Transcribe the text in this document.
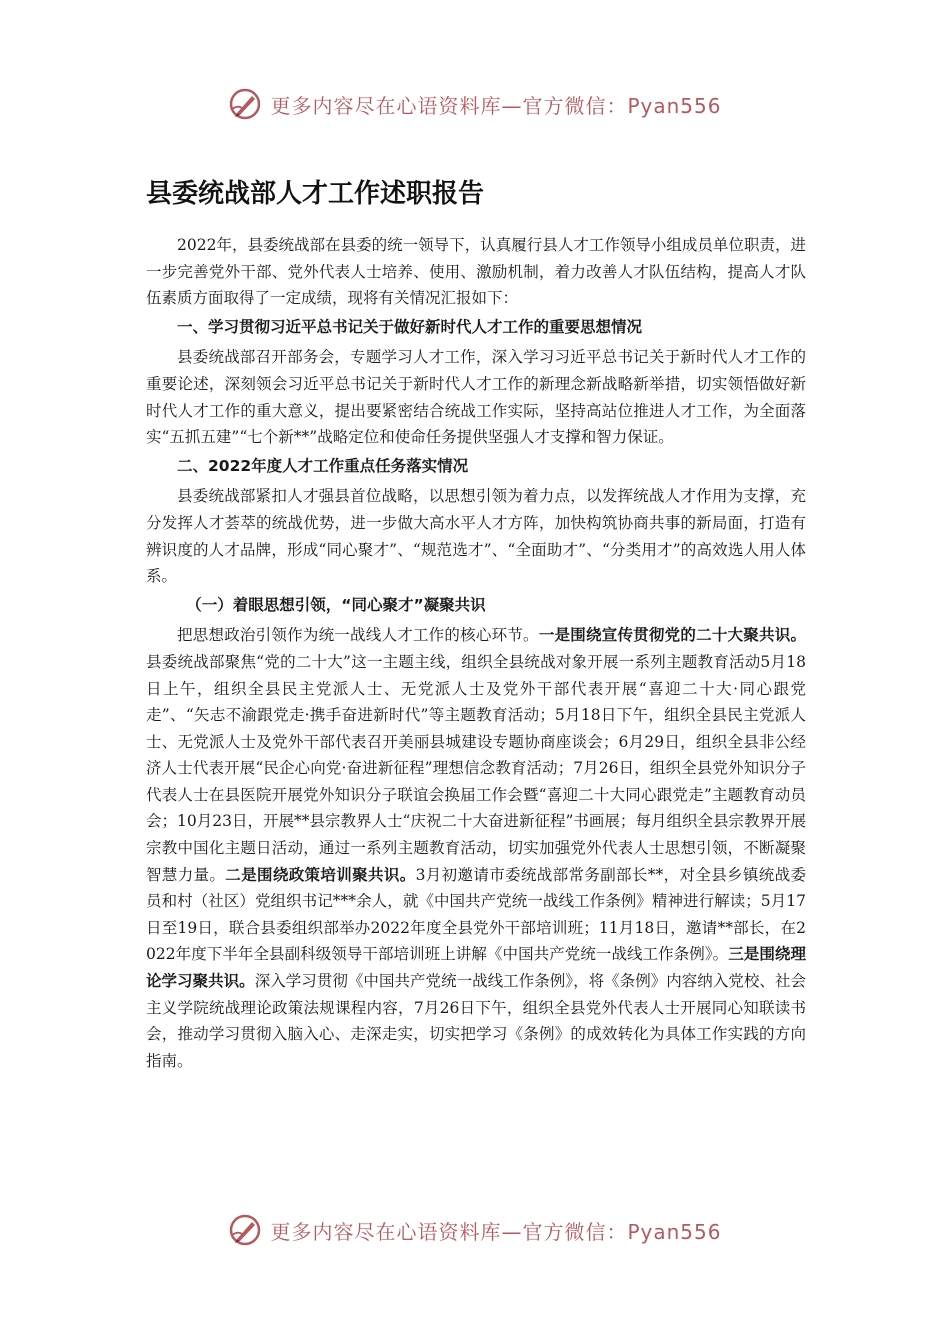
更多内容尽在心语资料库—官方微信：Pyan556
县委统战部人才工作述职报告

2022年，县委统战部在县委的统一领导下，认真履行县人才工作领导小组成员单位职责，进一步完善党外干部、党外代表人士培养、使用、激励机制，着力改善人才队伍结构，提高人才队伍素质方面取得了一定成绩，现将有关情况汇报如下：

一、学习贯彻习近平总书记关于做好新时代人才工作的重要思想情况

县委统战部召开部务会，专题学习人才工作，深入学习习近平总书记关于新时代人才工作的重要论述，深刻领会习近平总书记关于新时代人才工作的新理念新战略新举措，切实领悟做好新时代人才工作的重大意义，提出要紧密结合统战工作实际，坚持高站位推进人才工作，为全面落实“五抓五建”“七个新**”战略定位和使命任务提供坚强人才支撑和智力保证。

二、2022年度人才工作重点任务落实情况

县委统战部紧扣人才强县首位战略，以思想引领为着力点，以发挥统战人才作用为支撑，充分发挥人才荟萃的统战优势，进一步做大高水平人才方阵，加快构筑协商共事的新局面，打造有辨识度的人才品牌，形成“同心聚才”、“规范选才”、“全面助才”、“分类用才”的高效选人用人体系。

（一）着眼思想引领，“同心聚才”凝聚共识

把思想政治引领作为统一战线人才工作的核心环节。一是围绕宣传贯彻党的二十大聚共识。县委统战部聚焦“党的二十大”这一主题主线，组织全县统战对象开展一系列主题教育活动5月18日上午，组织全县民主党派人士、无党派人士及党外干部代表开展“喜迎二十大·同心跟党走”、“矢志不渝跟党走·携手奋进新时代”等主题教育活动；5月18日下午，组织全县民主党派人士、无党派人士及党外干部代表召开美丽县城建设专题协商座谈会；6月29日，组织全县非公经济人士代表开展“民企心向党·奋进新征程”理想信念教育活动；7月26日，组织全县党外知识分子代表人士在县医院开展党外知识分子联谊会换届工作会暨“喜迎二十大同心跟党走”主题教育动员会；10月23日，开展**县宗教界人士“庆祝二十大奋进新征程”书画展；每月组织全县宗教界开展宗教中国化主题日活动，通过一系列主题教育活动，切实加强党外代表人士思想引领，不断凝聚智慧力量。二是围绕政策培训聚共识。3月初邀请市委统战部常务副部长**，对全县乡镇统战委员和村（社区）党组织书记***余人，就《中国共产党统一战线工作条例》精神进行解读；5月17日至19日，联合县委组织部举办2022年度全县党外干部培训班；11月18日，邀请**部长，在2022年度下半年全县副科级领导干部培训班上讲解《中国共产党统一战线工作条例》。三是围绕理论学习聚共识。深入学习贯彻《中国共产党统一战线工作条例》，将《条例》内容纳入党校、社会主义学院统战理论政策法规课程内容，7月26日下午，组织全县党外代表人士开展同心知联读书会，推动学习贯彻入脑入心、走深走实，切实把学习《条例》的成效转化为具体工作实践的方向指南。

更多内容尽在心语资料库—官方微信：Pyan556
